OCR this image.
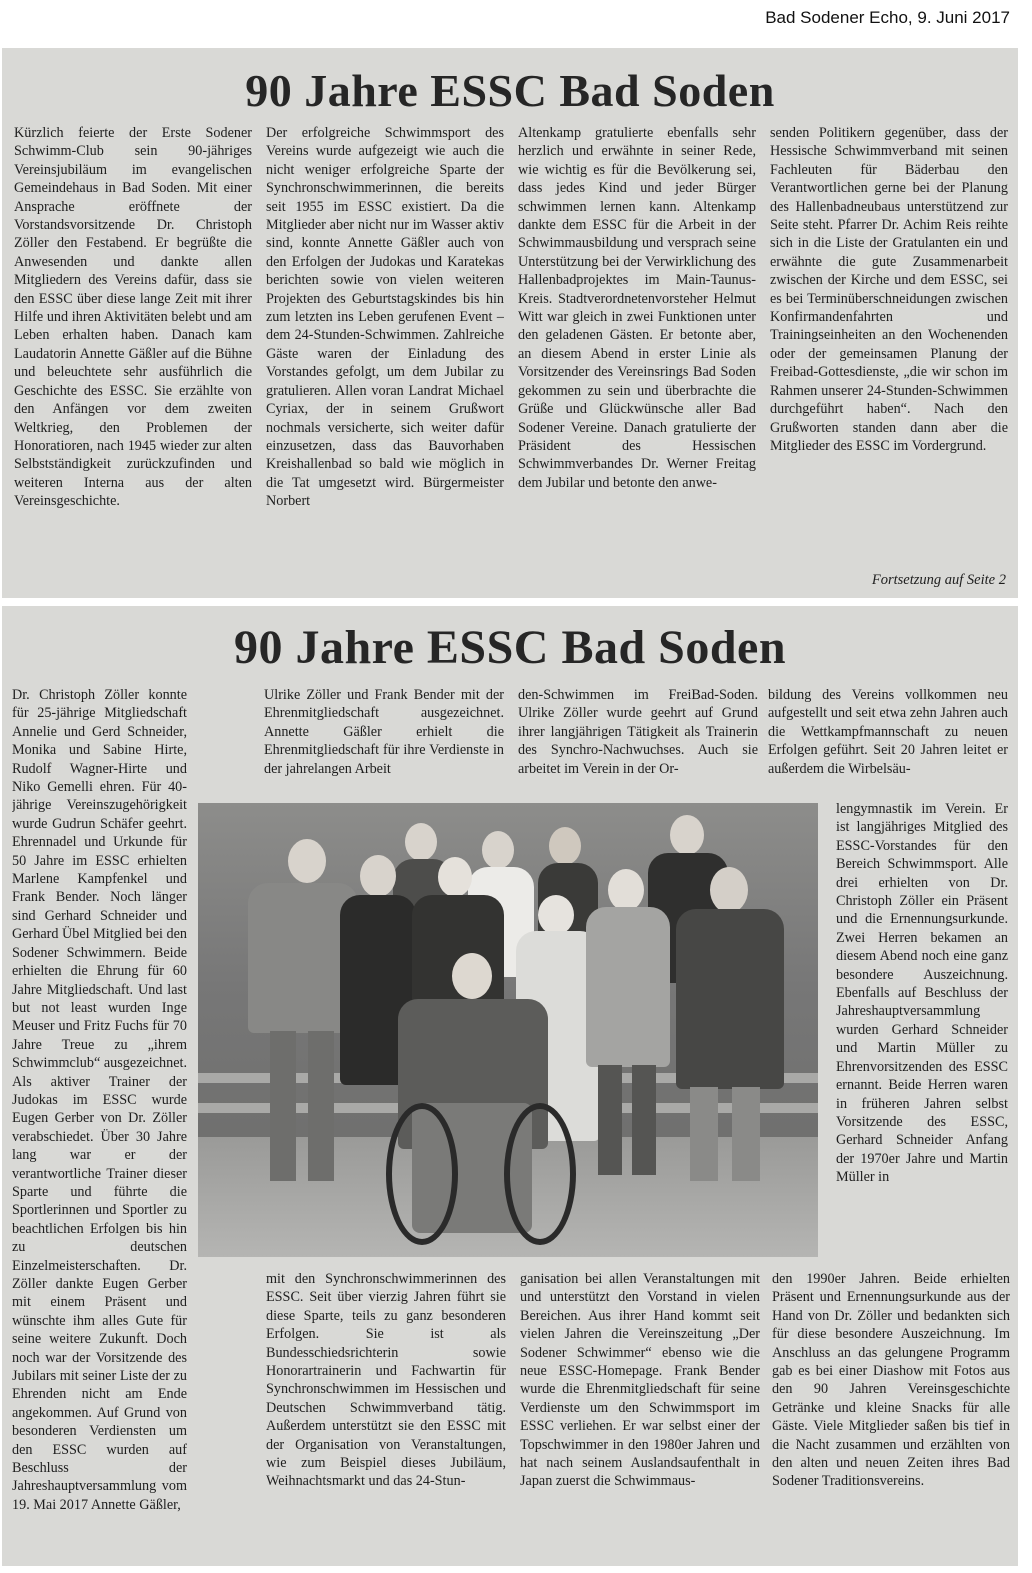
Bad Sodener Echo, 9. Juni 2017
90 Jahre ESSC Bad Soden

Kürzlich feierte der Erste Sodener Schwimm-Club sein 90-jähriges Vereinsjubiläum im evangelischen Gemeindehaus in Bad Soden. Mit einer Ansprache eröffnete der Vorstandsvorsitzende Dr. Christoph Zöller den Festabend. Er begrüßte die Anwesenden und dankte allen Mitgliedern des Vereins dafür, dass sie den ESSC über diese lange Zeit mit ihrer Hilfe und ihren Aktivitäten belebt und am Leben erhalten haben. Danach kam Laudatorin Annette Gäßler auf die Bühne und beleuchtete sehr ausführlich die Geschichte des ESSC. Sie erzählte von den Anfängen vor dem zweiten Weltkrieg, den Problemen der Honoratioren, nach 1945 wieder zur alten Selbstständigkeit zurückzufinden und weiteren Interna aus der alten Vereinsgeschichte.

Der erfolgreiche Schwimmsport des Vereins wurde aufgezeigt wie auch die nicht weniger erfolgreiche Sparte der Synchronschwimmerinnen, die bereits seit 1955 im ESSC existiert. Da die Mitglieder aber nicht nur im Wasser aktiv sind, konnte Annette Gäßler auch von den Erfolgen der Judokas und Karatekas berichten sowie von vielen weiteren Projekten des Geburtstagskindes bis hin zum letzten ins Leben gerufenen Event – dem 24-Stunden-Schwimmen. Zahlreiche Gäste waren der Einladung des Vorstandes gefolgt, um dem Jubilar zu gratulieren. Allen voran Landrat Michael Cyriax, der in seinem Grußwort nochmals versicherte, sich weiter dafür einzusetzen, dass das Bauvorhaben Kreishallenbad so bald wie möglich in die Tat umgesetzt wird. Bürgermeister Norbert

Altenkamp gratulierte ebenfalls sehr herzlich und erwähnte in seiner Rede, wie wichtig es für die Bevölkerung sei, dass jedes Kind und jeder Bürger schwimmen lernen kann. Altenkamp dankte dem ESSC für die Arbeit in der Schwimmausbildung und versprach seine Unterstützung bei der Verwirklichung des Hallenbadprojektes im Main-Taunus-Kreis. Stadtverordnetenvorsteher Helmut Witt war gleich in zwei Funktionen unter den geladenen Gästen. Er betonte aber, an diesem Abend in erster Linie als Vorsitzender des Vereinsrings Bad Soden gekommen zu sein und überbrachte die Grüße und Glückwünsche aller Bad Sodener Vereine. Danach gratulierte der Präsident des Hessischen Schwimmverbandes Dr. Werner Freitag dem Jubilar und betonte den anwe-

senden Politikern gegenüber, dass der Hessische Schwimmverband mit seinen Fachleuten für Bäderbau den Verantwortlichen gerne bei der Planung des Hallenbadneubaus unterstützend zur Seite steht. Pfarrer Dr. Achim Reis reihte sich in die Liste der Gratulanten ein und erwähnte die gute Zusammenarbeit zwischen der Kirche und dem ESSC, sei es bei Terminüberschneidungen zwischen Konfirmandenfahrten und Trainingseinheiten an den Wochenenden oder der gemeinsamen Planung der Freibad-Gottesdienste, „die wir schon im Rahmen unserer 24-Stunden-Schwimmen durchgeführt haben“. Nach den Grußworten standen dann aber die Mitglieder des ESSC im Vordergrund.

Fortsetzung auf Seite 2
90 Jahre ESSC Bad Soden

Dr. Christoph Zöller konnte für 25-jährige Mitgliedschaft Annelie und Gerd Schneider, Monika und Sabine Hirte, Rudolf Wagner-Hirte und Niko Gemelli ehren. Für 40-jährige Vereinszugehörigkeit wurde Gudrun Schäfer geehrt. Ehrennadel und Urkunde für 50 Jahre im ESSC erhielten Marlene Kampfenkel und Frank Bender. Noch länger sind Gerhard Schneider und Gerhard Übel Mitglied bei den Sodener Schwimmern. Beide erhielten die Ehrung für 60 Jahre Mitgliedschaft. Und last but not least wurden Inge Meuser und Fritz Fuchs für 70 Jahre Treue zu „ihrem Schwimmclub“ ausgezeichnet. Als aktiver Trainer der Judokas im ESSC wurde Eugen Gerber von Dr. Zöller verabschiedet. Über 30 Jahre lang war er der verantwortliche Trainer dieser Sparte und führte die Sportlerinnen und Sportler zu beachtlichen Erfolgen bis hin zu deutschen Einzelmeisterschaften. Dr. Zöller dankte Eugen Gerber mit einem Präsent und wünschte ihm alles Gute für seine weitere Zukunft. Doch noch war der Vorsitzende des Jubilars mit seiner Liste der zu Ehrenden nicht am Ende angekommen. Auf Grund von besonderen Verdiensten um den ESSC wurden auf Beschluss der Jahreshauptversammlung vom 19. Mai 2017 Annette Gäßler,

Ulrike Zöller und Frank Bender mit der Ehrenmitgliedschaft ausgezeichnet. Annette Gäßler erhielt die Ehrenmitgliedschaft für ihre Verdienste in der jahrelangen Arbeit

den-Schwimmen im FreiBad-Soden. Ulrike Zöller wurde geehrt auf Grund ihrer langjährigen Tätigkeit als Trainerin des Synchro-Nachwuchses. Auch sie arbeitet im Verein in der Or-

bildung des Vereins vollkommen neu aufgestellt und seit etwa zehn Jahren auch die Wettkampfmannschaft zu neuen Erfolgen geführt. Seit 20 Jahren leitet er außerdem die Wirbelsäu-

lengymnastik im Verein. Er ist langjähriges Mitglied des ESSC-Vorstandes für den Bereich Schwimmsport. Alle drei erhielten von Dr. Christoph Zöller ein Präsent und die Ernennungsurkunde. Zwei Herren bekamen an diesem Abend noch eine ganz besondere Auszeichnung. Ebenfalls auf Beschluss der Jahreshauptversammlung wurden Gerhard Schneider und Martin Müller zu Ehrenvorsitzenden des ESSC ernannt. Beide Herren waren in früheren Jahren selbst Vorsitzende des ESSC, Gerhard Schneider Anfang der 1970er Jahre und Martin Müller in

mit den Synchronschwimmerinnen des ESSC. Seit über vierzig Jahren führt sie diese Sparte, teils zu ganz besonderen Erfolgen. Sie ist als Bundesschiedsrichterin sowie Honorartrainerin und Fachwartin für Synchronschwimmen im Hessischen und Deutschen Schwimmverband tätig. Außerdem unterstützt sie den ESSC mit der Organisation von Veranstaltungen, wie zum Beispiel dieses Jubiläum, Weihnachtsmarkt und das 24-Stun-

ganisation bei allen Veranstaltungen mit und unterstützt den Vorstand in vielen Bereichen. Aus ihrer Hand kommt seit vielen Jahren die Vereinszeitung „Der Sodener Schwimmer“ ebenso wie die neue ESSC-Homepage. Frank Bender wurde die Ehrenmitgliedschaft für seine Verdienste um den Schwimmsport im ESSC verliehen. Er war selbst einer der Topschwimmer in den 1980er Jahren und hat nach seinem Auslandsaufenthalt in Japan zuerst die Schwimmaus-

den 1990er Jahren. Beide erhielten Präsent und Ernennungsurkunde aus der Hand von Dr. Zöller und bedankten sich für diese besondere Auszeichnung. Im Anschluss an das gelungene Programm gab es bei einer Diashow mit Fotos aus den 90 Jahren Vereinsgeschichte Getränke und kleine Snacks für alle Gäste. Viele Mitglieder saßen bis tief in die Nacht zusammen und erzählten von den alten und neuen Zeiten ihres Bad Sodener Traditionsvereins.
